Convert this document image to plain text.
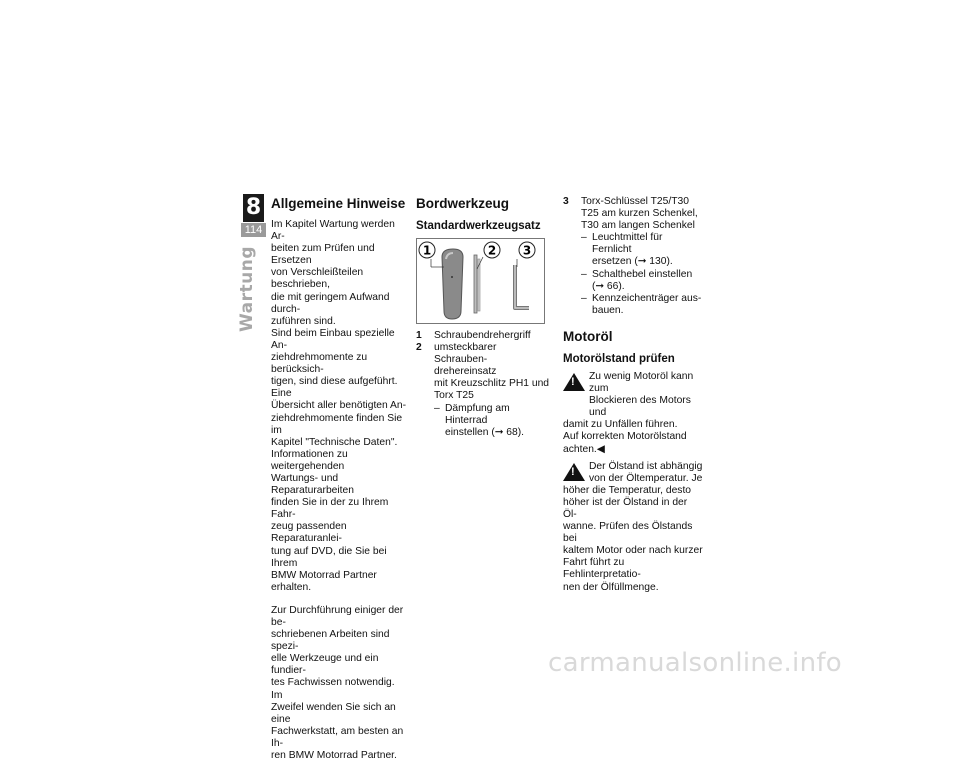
8
114
Wartung
Allgemeine Hinweise
Im Kapitel Wartung werden Ar-
beiten zum Prüfen und Ersetzen
von Verschleißteilen beschrieben,
die mit geringem Aufwand durch-
zuführen sind.
Sind beim Einbau spezielle An-
ziehdrehmomente zu berücksich-
tigen, sind diese aufgeführt. Eine
Übersicht aller benötigten An-
ziehdrehmomente finden Sie im
Kapitel "Technische Daten".
Informationen zu weitergehenden
Wartungs- und Reparaturarbeiten
finden Sie in der zu Ihrem Fahr-
zeug passenden Reparaturanlei-
tung auf DVD, die Sie bei Ihrem
BMW Motorrad Partner erhalten.
Zur Durchführung einiger der be-
schriebenen Arbeiten sind spezi-
elle Werkzeuge und ein fundier-
tes Fachwissen notwendig. Im
Zweifel wenden Sie sich an eine
Fachwerkstatt, am besten an Ih-
ren BMW Motorrad Partner.
Bordwerkzeug
Standardwerkzeugsatz
1	2 3
1 Schraubendrehergriff
2 umsteckbarer Schrauben-
drehereinsatz
mit Kreuzschlitz PH1 und
Torx T25
– Dämpfung am Hinterrad
einstellen (➞ 68).
3 Torx-Schlüssel T25/T30
T25 am kurzen Schenkel,
T30 am langen Schenkel
– Leuchtmittel für Fernlicht
ersetzen (➞ 130).
– Schalthebel einstellen
(➞ 66).
– Kennzeichenträger aus-
bauen.
Motoröl
Motorölstand prüfen
! Zu wenig Motoröl kann zum
Blockieren des Motors und
damit zu Unfällen führen.
Auf korrekten Motorölstand
achten.◀
! Der Ölstand ist abhängig
von der Öltemperatur. Je
höher die Temperatur, desto
höher ist der Ölstand in der Öl-
wanne. Prüfen des Ölstands bei
kaltem Motor oder nach kurzer
Fahrt führt zu Fehlinterpretatio-
nen der Ölfüllmenge.
carmanualsonline.info
